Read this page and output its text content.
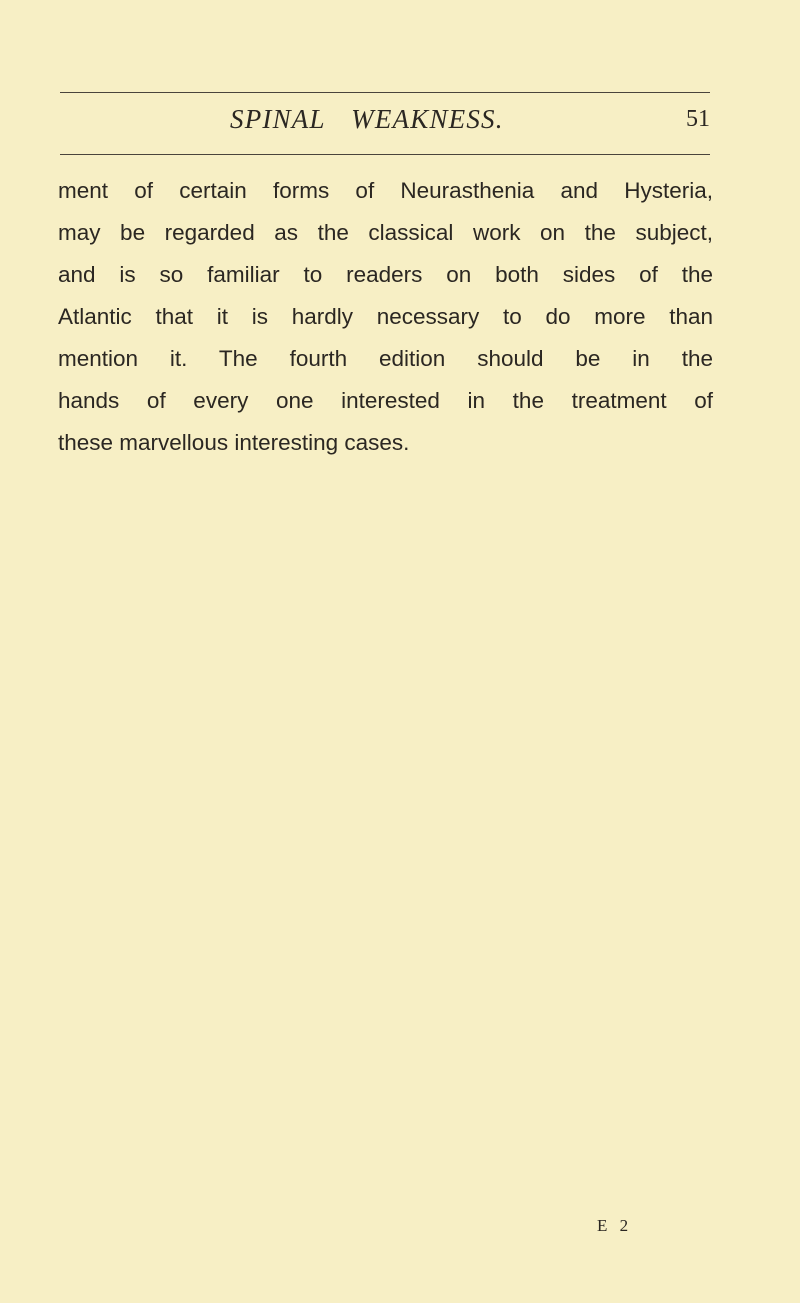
SPINAL WEAKNESS.	51
ment of certain forms of Neurasthenia and Hysteria,
may be regarded as the classical work on the subject,
and is so familiar to readers on both sides of the
Atlantic that it is hardly necessary to do more than
mention it. The fourth edition should be in the
hands of every one interested in the treatment of
these marvellous interesting cases.
E 2
